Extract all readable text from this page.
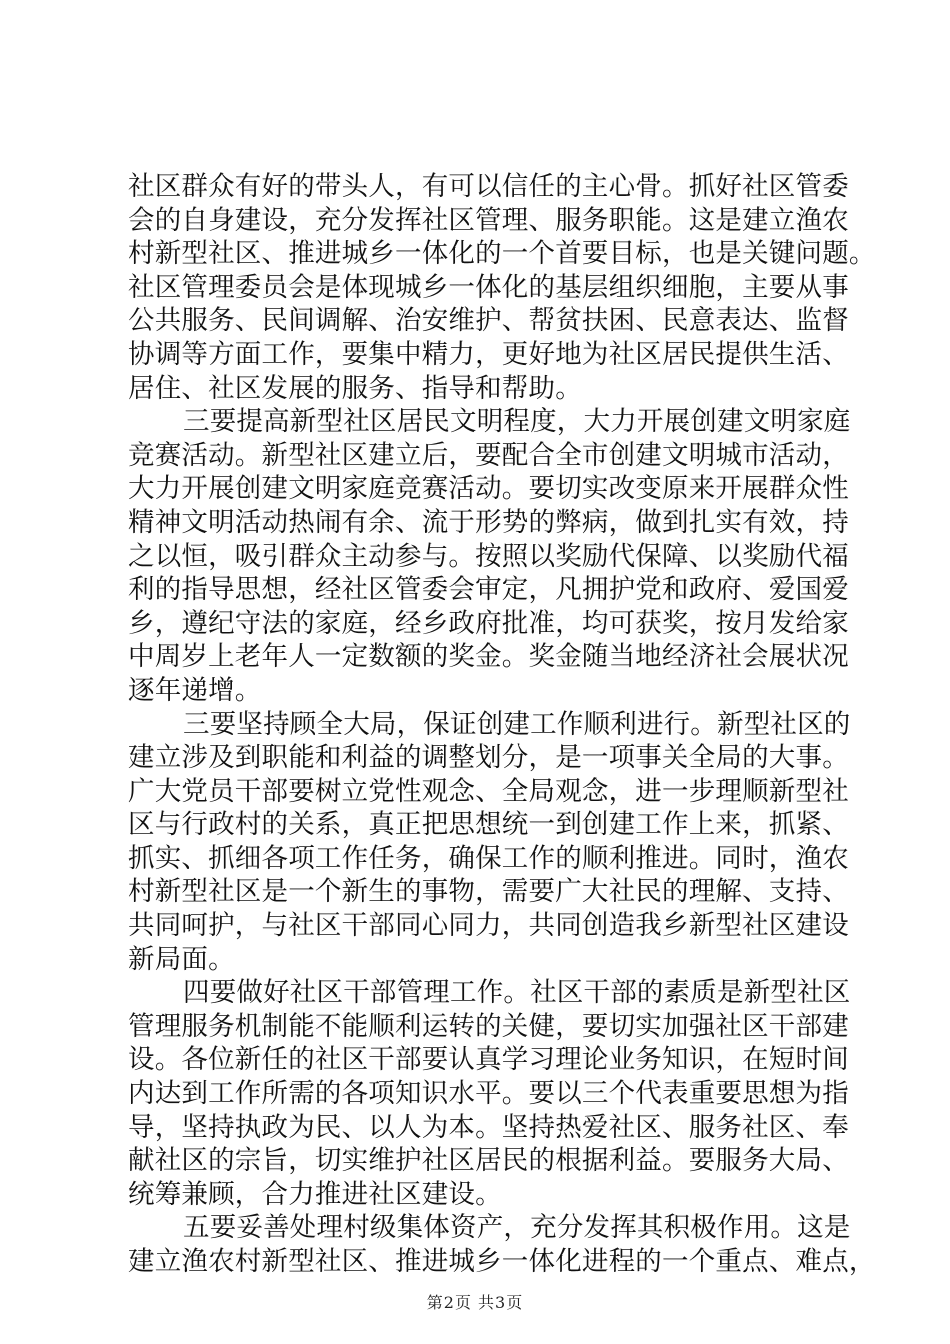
社区群众有好的带头人，有可以信任的主心骨。抓好社区管委
会的自身建设，充分发挥社区管理、服务职能。这是建立渔农
村新型社区、推进城乡一体化的一个首要目标，也是关键问题。
社区管理委员会是体现城乡一体化的基层组织细胞，主要从事
公共服务、民间调解、治安维护、帮贫扶困、民意表达、监督
协调等方面工作，要集中精力，更好地为社区居民提供生活、
居住、社区发展的服务、指导和帮助。
三要提高新型社区居民文明程度，大力开展创建文明家庭
竞赛活动。新型社区建立后，要配合全市创建文明城市活动，
大力开展创建文明家庭竞赛活动。要切实改变原来开展群众性
精神文明活动热闹有余、流于形势的弊病，做到扎实有效，持
之以恒，吸引群众主动参与。按照以奖励代保障、以奖励代福
利的指导思想，经社区管委会审定，凡拥护党和政府、爱国爱
乡，遵纪守法的家庭，经乡政府批准，均可获奖，按月发给家
中周岁上老年人一定数额的奖金。奖金随当地经济社会展状况
逐年递增。
三要坚持顾全大局，保证创建工作顺利进行。新型社区的
建立涉及到职能和利益的调整划分，是一项事关全局的大事。
广大党员干部要树立党性观念、全局观念，进一步理顺新型社
区与行政村的关系，真正把思想统一到创建工作上来，抓紧、
抓实、抓细各项工作任务，确保工作的顺利推进。同时，渔农
村新型社区是一个新生的事物，需要广大社民的理解、支持、
共同呵护，与社区干部同心同力，共同创造我乡新型社区建设
新局面。
四要做好社区干部管理工作。社区干部的素质是新型社区
管理服务机制能不能顺利运转的关健，要切实加强社区干部建
设。各位新任的社区干部要认真学习理论业务知识，在短时间
内达到工作所需的各项知识水平。要以三个代表重要思想为指
导，坚持执政为民、以人为本。坚持热爱社区、服务社区、奉
献社区的宗旨，切实维护社区居民的根据利益。要服务大局、
统筹兼顾，合力推进社区建设。
五要妥善处理村级集体资产，充分发挥其积极作用。这是
建立渔农村新型社区、推进城乡一体化进程的一个重点、难点，
第2页 共3页
